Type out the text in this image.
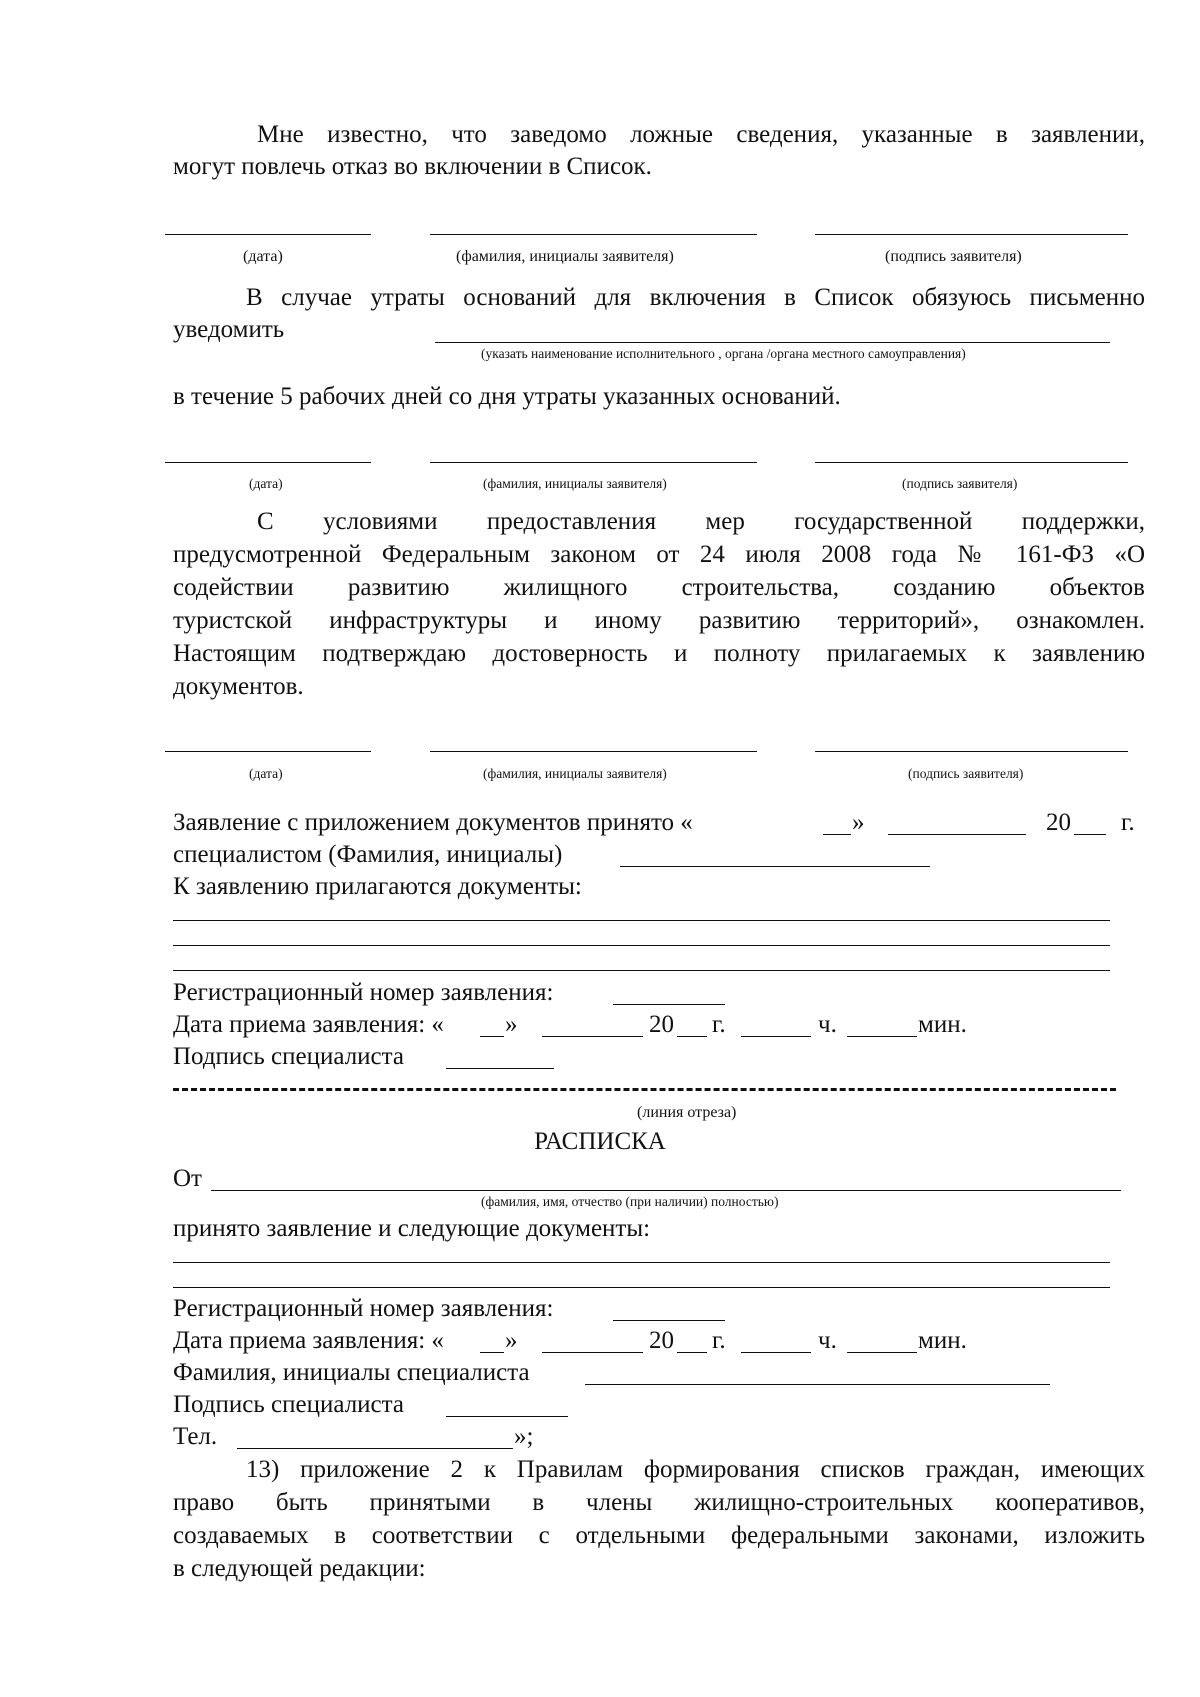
Мне известно, что заведомо ложные сведения, указанные в заявлении,
могут повлечь отказ во включении в Список.
(дата)	(фамилия, инициалы заявителя)	(подпись заявителя)
В случае утраты оснований для включения в Список обязуюсь письменно
уведомить
(указать наименование исполнительного , органа /органа местного самоуправления)
в течение 5 рабочих дней со дня утраты указанных оснований.
(дата)	(фамилия, инициалы заявителя)	(подпись заявителя)
С условиями предоставления мер государственной поддержки,
предусмотренной Федеральным законом от 24 июля 2008 года № 161-ФЗ «О
содействии развитию жилищного строительства, созданию объектов
туристской инфраструктуры и иному развитию территорий», ознакомлен.
Настоящим подтверждаю достоверность и полноту прилагаемых к заявлению
документов.
(дата)	(фамилия, инициалы заявителя)	(подпись заявителя)
Заявление с приложением документов принято «	»	20 г.
специалистом (Фамилия, инициалы)
К заявлению прилагаются документы:
Регистрационный номер заявления:
Дата приема заявления: « »	20 г.	ч.	мин.
Подпись специалиста
(линия отреза)
РАСПИСКА
От
(фамилия, имя, отчество (при наличии) полностью)
принято заявление и следующие документы:
Регистрационный номер заявления:
Дата приема заявления: « »	20 г.	ч.	мин.
Фамилия, инициалы специалиста
Подпись специалиста
Тел.	»;
13) приложение 2 к Правилам формирования списков граждан, имеющих
право быть принятыми в члены жилищно-строительных кооперативов,
создаваемых в соответствии с отдельными федеральными законами, изложить
в следующей редакции:
